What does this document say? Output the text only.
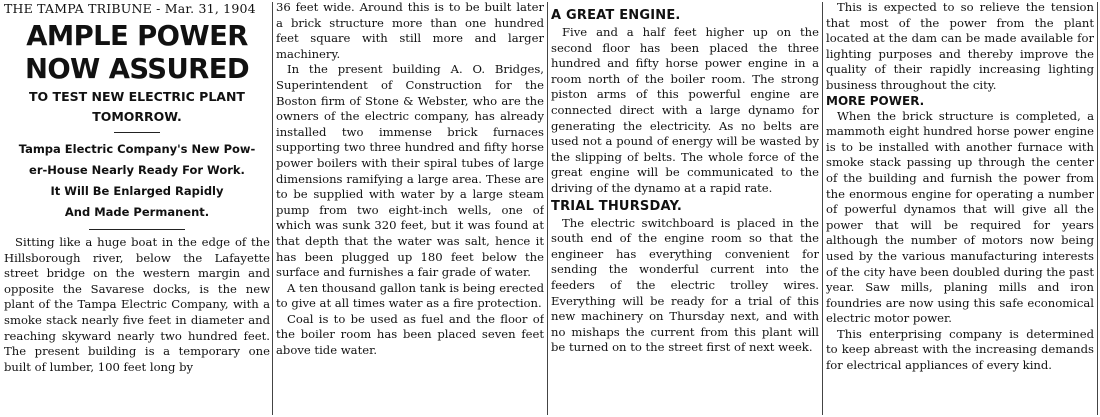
THE TAMPA TRIBUNE - Mar. 31, 1904
AMPLE POWER
NOW ASSURED
TO TEST NEW ELECTRIC PLANT
TOMORROW.
Tampa Electric Company's New Pow-
er-House Nearly Ready For Work.
It Will Be Enlarged Rapidly
And Made Permanent.

Sitting like a huge boat in the edge of the Hillsborough river, below the Lafayette street bridge on the western margin and opposite the Savarese docks, is the new plant of the Tampa Electric Company, with a smoke stack nearly five feet in diameter and reaching skyward nearly two hundred feet. The present building is a temporary one built of lumber, 100 feet long by

36 feet wide. Around this is to be built later a brick structure more than one hundred feet square with still more and larger machinery.

In the present building A. O. Bridges, Superintendent of Construction for the Boston firm of Stone & Webster, who are the owners of the electric company, has already installed two immense brick furnaces supporting two three hundred and fifty horse power boilers with their spiral tubes of large dimensions ramifying a large area. These are to be supplied with water by a large steam pump from two eight-inch wells, one of which was sunk 320 feet, but it was found at that depth that the water was salt, hence it has been plugged up 180 feet below the surface and furnishes a fair grade of water.

A ten thousand gallon tank is being erected to give at all times water as a fire protection.

Coal is to be used as fuel and the floor of the boiler room has been placed seven feet above tide water.

A GREAT ENGINE.

Five and a half feet higher up on the second floor has been placed the three hundred and fifty horse power engine in a room north of the boiler room. The strong piston arms of this powerful engine are connected direct with a large dynamo for generating the electricity. As no belts are used not a pound of energy will be wasted by the slipping of belts. The whole force of the great engine will be communicated to the driving of the dynamo at a rapid rate.

TRIAL THURSDAY.

The electric switchboard is placed in the south end of the engine room so that the engineer has everything convenient for sending the wonderful current into the feeders of the electric trolley wires. Everything will be ready for a trial of this new machinery on Thursday next, and with no mishaps the current from this plant will be turned on to the street first of next week.

This is expected to so relieve the tension that most of the power from the plant located at the dam can be made available for lighting purposes and thereby improve the quality of their rapidly increasing lighting business throughout the city.

MORE POWER.

When the brick structure is completed, a mammoth eight hundred horse power engine is to be installed with another furnace with smoke stack passing up through the center of the building and furnish the power from the enormous engine for operating a number of powerful dynamos that will give all the power that will be required for years although the number of motors now being used by the various manufacturing interests of the city have been doubled during the past year. Saw mills, planing mills and iron foundries are now using this safe economical electric motor power.

This enterprising company is determined to keep abreast with the increasing demands for electrical appliances of every kind.
